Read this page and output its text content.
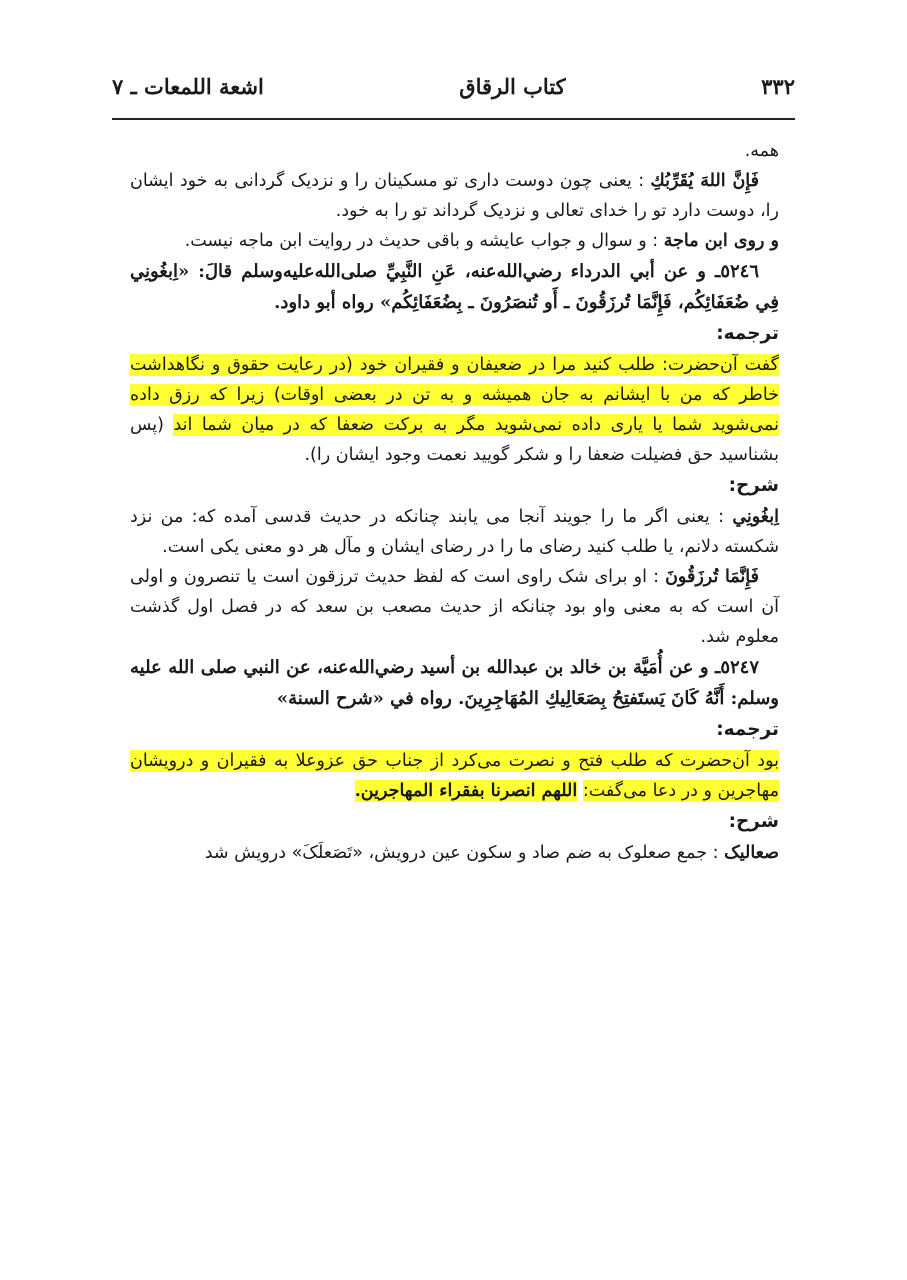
۳۳۲
کتاب الرقاق
اشعة اللمعات ـ ۷

همه.

فَإِنَّ اللهَ يُقَرِّبُكِ : یعنی چون دوست داری تو مسکینان را و نزدیک گردانی به خود ایشان را، دوست دارد تو را خدای تعالی و نزدیک گرداند تو را به خود.

و روی ابن ماجة : و سوال و جواب عایشه و باقی حدیث در روایت ابن ماجه نیست.

٥٢٤٦ـ و عن أبي الدرداء رضي‌الله‌عنه، عَنِ النَّبِيِّ صلى‌الله‌عليه‌وسلم قالَ: «اِبغُونِي فِي ضُعَفَائِكُم، فَإِنَّمَا تُرزَقُونَ ـ أَو تُنصَرُونَ ـ بِضُعَفَائِكُم» رواه أبو داود.

ترجمه:

گفت آن‌حضرت: طلب کنید مرا در ضعیفان و فقیران خود (در رعایت حقوق و نگاهداشت خاطر که من با ایشانم به جان همیشه و به تن در بعضی اوقات) زیرا که رزق داده نمی‌شوید شما یا یاری داده نمی‌شوید مگر به برکت ضعفا که در میان شما اند (پس بشناسید حق فضیلت ضعفا را و شکر گویید نعمت وجود ایشان را).

شرح:

اِبغُونِي : یعنی اگر ما را جویند آنجا می یابند چنانکه در حدیث قدسی آمده که: من نزد شکسته دلانم، یا طلب کنید رضای ما را در رضای ایشان و مآل هر دو معنی یکی است.

فَإِنَّمَا تُرزَقُونَ : او برای شک راوی است که لفظ حدیث ترزقون است یا تنصرون و اولی آن است که به معنی واو بود چنانکه از حدیث مصعب بن سعد که در فصل اول گذشت معلوم شد.

٥٢٤٧ـ و عن أُمَيَّة بن خالد بن عبدالله بن أسيد رضي‌الله‌عنه، عن النبي صلى الله عليه وسلم: أَنَّهُ كَانَ يَستَفتِحُ بِصَعَالِيكِ المُهَاجِرِينَ. رواه في «شرح السنة»

ترجمه:

بود آن‌حضرت که طلب فتح و نصرت می‌کرد از جناب حق عزوعلا به فقیران و درویشان مهاجرین و در دعا می‌گفت: اللهم انصرنا بفقراء المهاجرين.

شرح:

صعالیک : جمع صعلوک به ضم صاد و سکون عین درویش، «تَصَعلَکَ» درویش شد
